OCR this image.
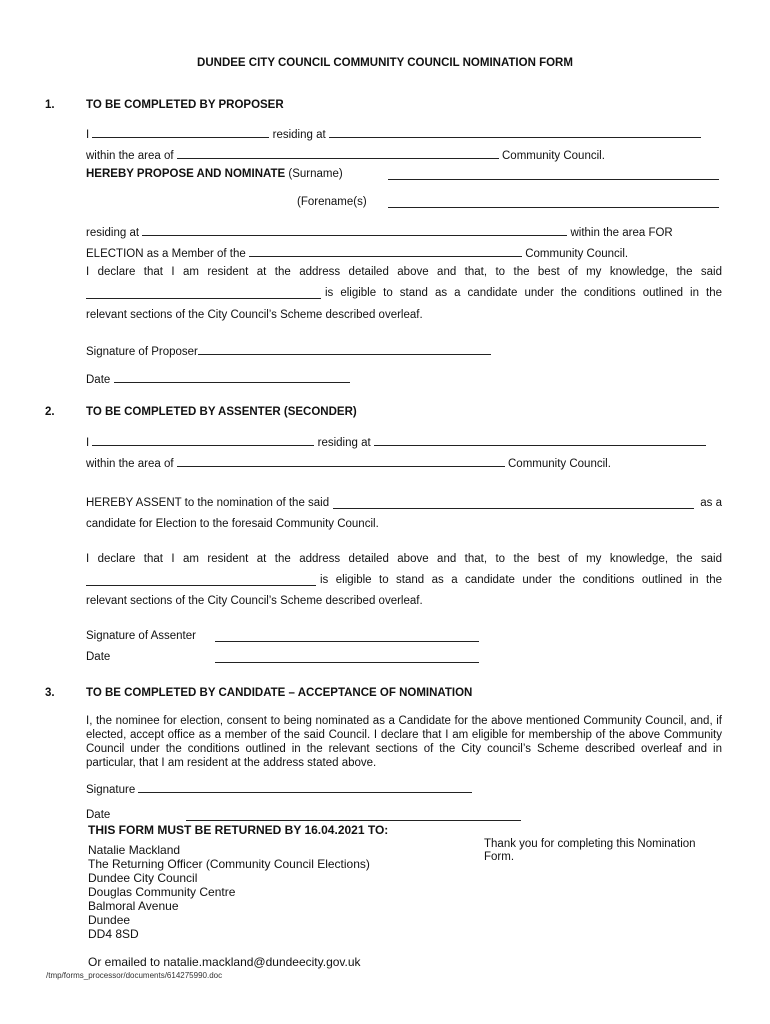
DUNDEE CITY COUNCIL COMMUNITY COUNCIL NOMINATION FORM
1.	TO BE COMPLETED BY PROPOSER
I	residing at
within the area of	Community Council.
HEREBY PROPOSE AND NOMINATE (Surname)
(Forename(s)
residing at	within the area FOR
ELECTION as a Member of the	Community Council.
I declare that I am resident at the address detailed above and that, to the best of my knowledge, the said
is eligible to stand as a candidate under the conditions outlined in the
relevant sections of the City Council’s Scheme described overleaf.
Signature of Proposer
Date
2.	TO BE COMPLETED BY ASSENTER (SECONDER)
I	residing at
within the area of	Community Council.
HEREBY ASSENT to the nomination of the said	as a
candidate for Election to the foresaid Community Council.
I declare that I am resident at the address detailed above and that, to the best of my knowledge, the said
is eligible to stand as a candidate under the conditions outlined in the
relevant sections of the City Council’s Scheme described overleaf.
Signature of Assenter
Date
3.	TO BE COMPLETED BY CANDIDATE – ACCEPTANCE OF NOMINATION
I, the nominee for election, consent to being nominated as a Candidate for the above mentioned Community Council, and, if elected, accept office as a member of the said Council. I declare that I am eligible for membership of the above Community Council under the conditions outlined in the relevant sections of the City council’s Scheme described overleaf and in particular, that I am resident at the address stated above.
Signature
Date
THIS FORM MUST BE RETURNED BY 16.04.2021 TO:
Natalie Mackland
The Returning Officer (Community Council Elections)
Dundee City Council
Douglas Community Centre
Balmoral Avenue
Dundee
DD4 8SD
Thank you for completing this Nomination
Form.
Or emailed to natalie.mackland@dundeecity.gov.uk
/tmp/forms_processor/documents/614275990.doc
